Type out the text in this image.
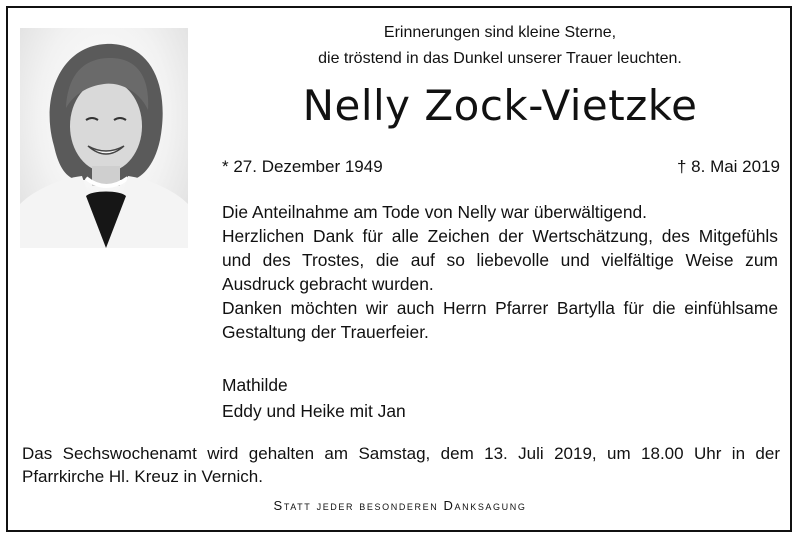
Erinnerungen sind kleine Sterne,
die tröstend in das Dunkel unserer Trauer leuchten.
Nelly Zock-Vietzke
* 27. Dezember 1949	† 8. Mai 2019

Die Anteilnahme am Tode von Nelly war überwältigend.

Herzlichen Dank für alle Zeichen der Wertschätzung, des Mitgefühls und des Trostes, die auf so liebevolle und vielfältige Weise zum Ausdruck gebracht wurden.

Danken möchten wir auch Herrn Pfarrer Bartylla für die einfühlsame Gestaltung der Trauerfeier.

Mathilde
Eddy und Heike mit Jan
Das Sechswochenamt wird gehalten am Samstag, dem 13. Juli 2019, um 18.00 Uhr in der Pfarrkirche Hl. Kreuz in Vernich.
Statt jeder besonderen Danksagung
